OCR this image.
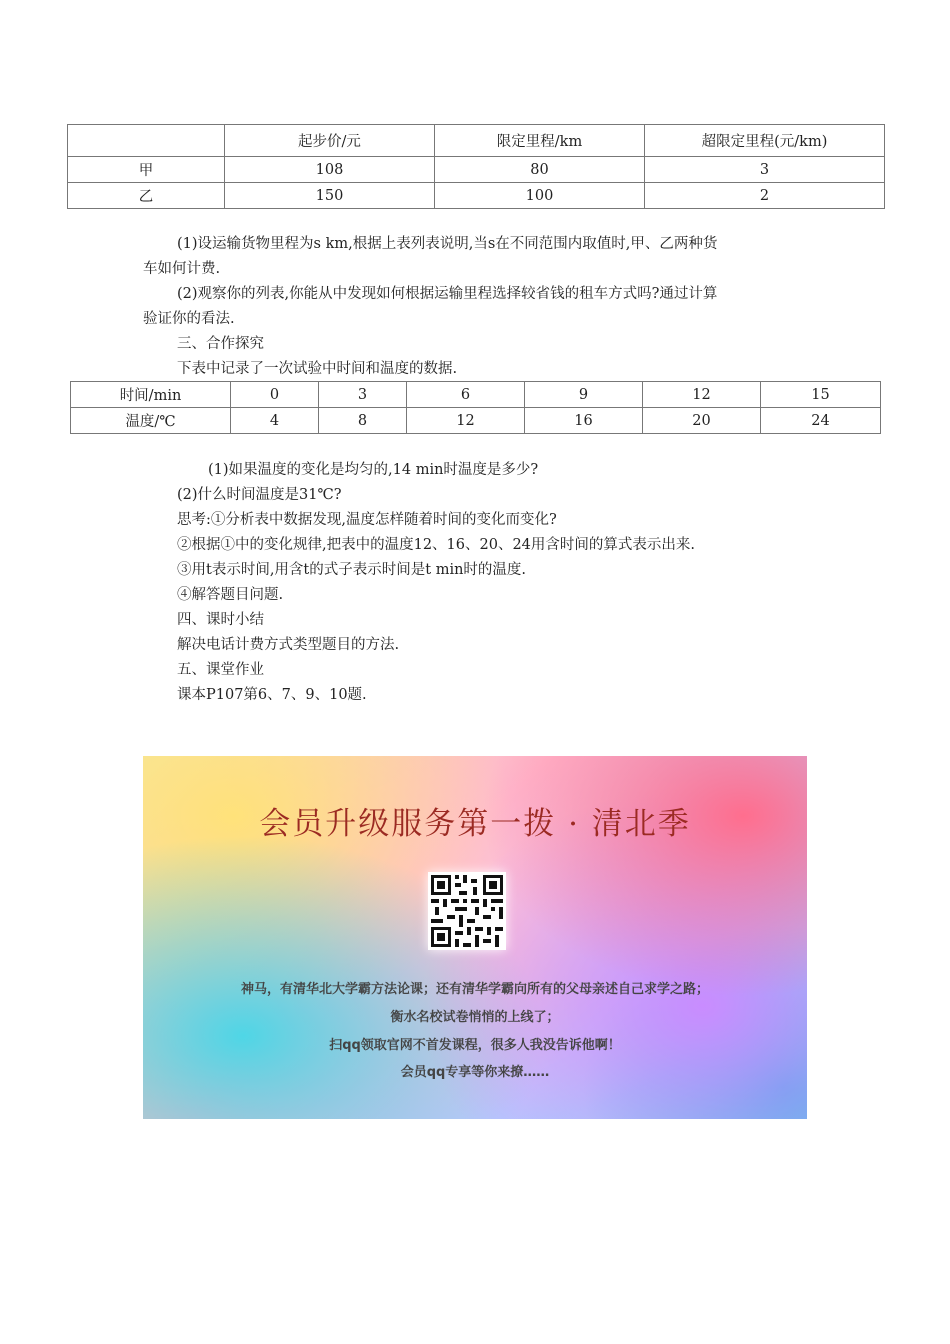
	起步价/元	限定里程/km	超限定里程(元/km)
甲	108	80	3
乙	150	100	2
(1)设运输货物里程为s km,根据上表列表说明,当s在不同范围内取值时,甲、乙两种货
车如何计费.
(2)观察你的列表,你能从中发现如何根据运输里程选择较省钱的租车方式吗?通过计算
验证你的看法.
三、合作探究
下表中记录了一次试验中时间和温度的数据.
时间/min	0	3	6	9	12	15
温度/℃	4	8	12	16	20	24
(1)如果温度的变化是均匀的,14 min时温度是多少?
(2)什么时间温度是31℃?
思考:①分析表中数据发现,温度怎样随着时间的变化而变化?
②根据①中的变化规律,把表中的温度12、16、20、24用含时间的算式表示出来.
③用t表示时间,用含t的式子表示时间是t min时的温度.
④解答题目问题.
四、课时小结
解决电话计费方式类型题目的方法.
五、课堂作业
课本P107第6、7、9、10题.
会员升级服务第一拨 · 清北季
神马，有清华北大学霸方法论课；还有清华学霸向所有的父母亲述自己求学之路；
衡水名校试卷悄悄的上线了；
扫qq领取官网不首发课程，很多人我没告诉他啊！
会员qq专享等你来撩……
